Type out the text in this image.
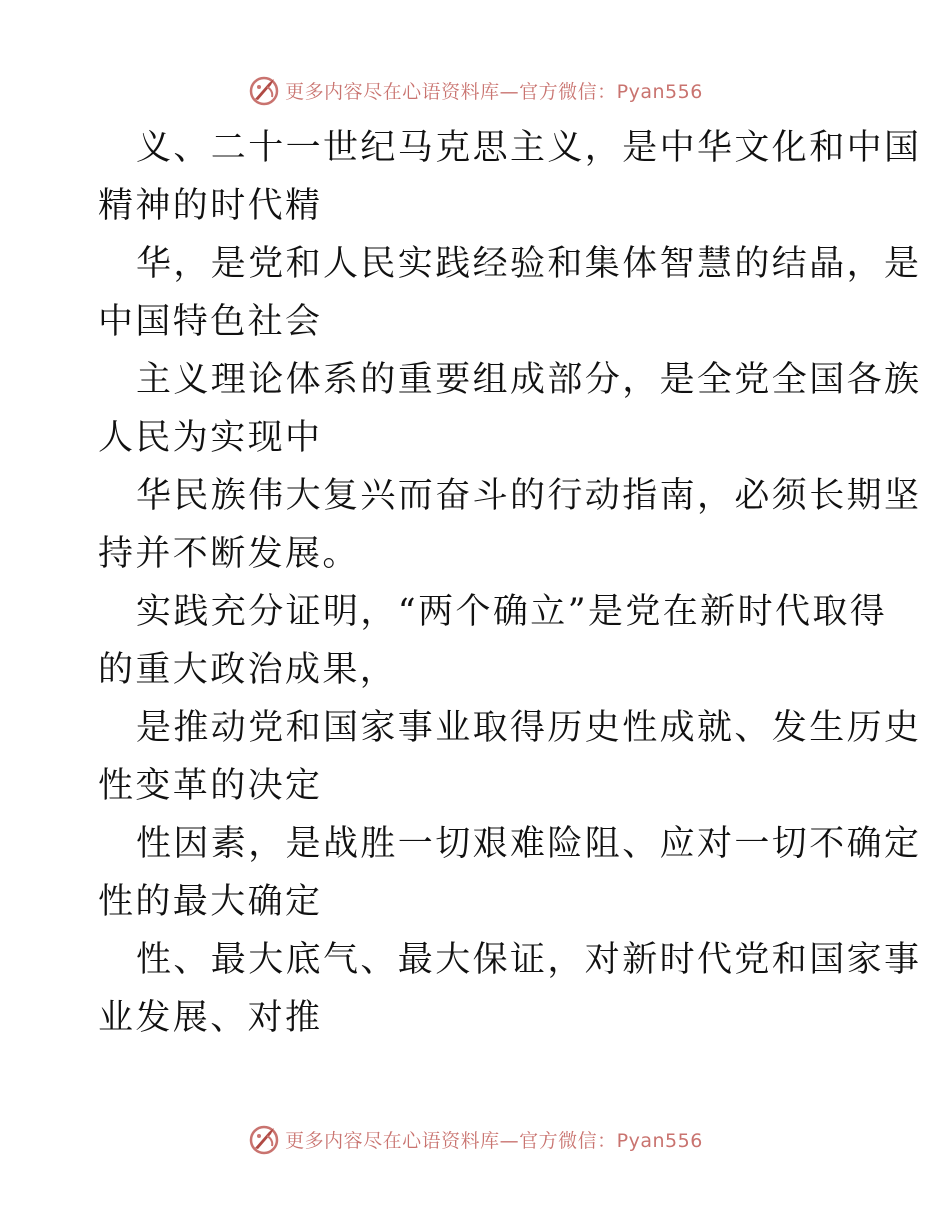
更多内容尽在心语资料库—官方微信：Pyan556

义、二十一世纪马克思主义，是中华文化和中国
精神的时代精

华，是党和人民实践经验和集体智慧的结晶，是
中国特色社会

主义理论体系的重要组成部分，是全党全国各族
人民为实现中

华民族伟大复兴而奋斗的行动指南，必须长期坚
持并不断发展。

实践充分证明，“两个确立”是党在新时代取得
的重大政治成果，

是推动党和国家事业取得历史性成就、发生历史
性变革的决定

性因素，是战胜一切艰难险阻、应对一切不确定
性的最大确定

性、最大底气、最大保证，对新时代党和国家事
业发展、对推

更多内容尽在心语资料库—官方微信：Pyan556
